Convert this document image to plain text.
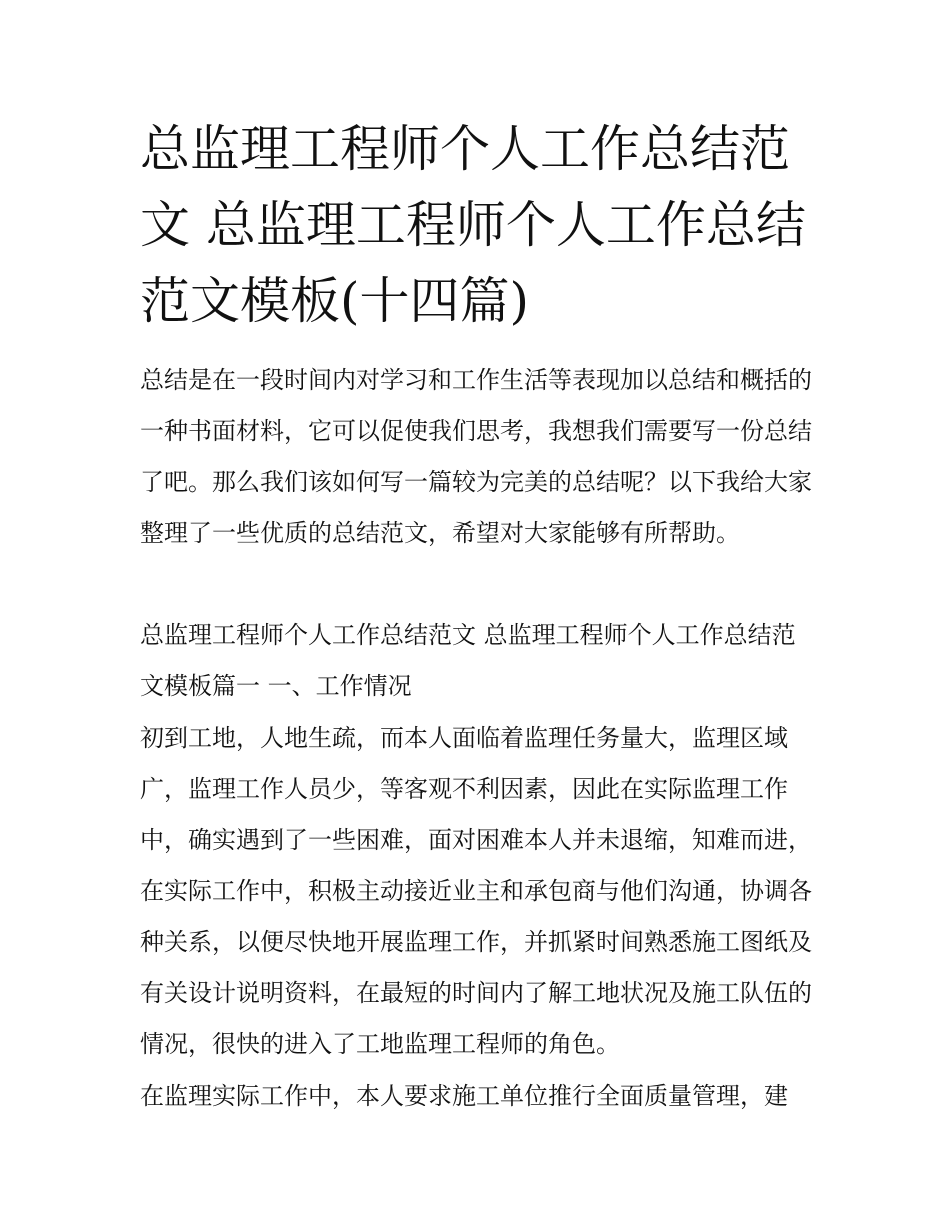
总监理工程师个人工作总结范文 总监理工程师个人工作总结范文模板(十四篇)

总结是在一段时间内对学习和工作生活等表现加以总结和概括的一种书面材料，它可以促使我们思考，我想我们需要写一份总结了吧。那么我们该如何写一篇较为完美的总结呢？以下我给大家整理了一些优质的总结范文，希望对大家能够有所帮助。

总监理工程师个人工作总结范文 总监理工程师个人工作总结范文模板篇一 一、工作情况

初到工地，人地生疏，而本人面临着监理任务量大，监理区域广，监理工作人员少，等客观不利因素，因此在实际监理工作中，确实遇到了一些困难，面对困难本人并未退缩，知难而进，在实际工作中，积极主动接近业主和承包商与他们沟通，协调各种关系，以便尽快地开展监理工作，并抓紧时间熟悉施工图纸及有关设计说明资料，在最短的时间内了解工地状况及施工队伍的情况，很快的进入了工地监理工程师的角色。

在监理实际工作中，本人要求施工单位推行全面质量管理，建
